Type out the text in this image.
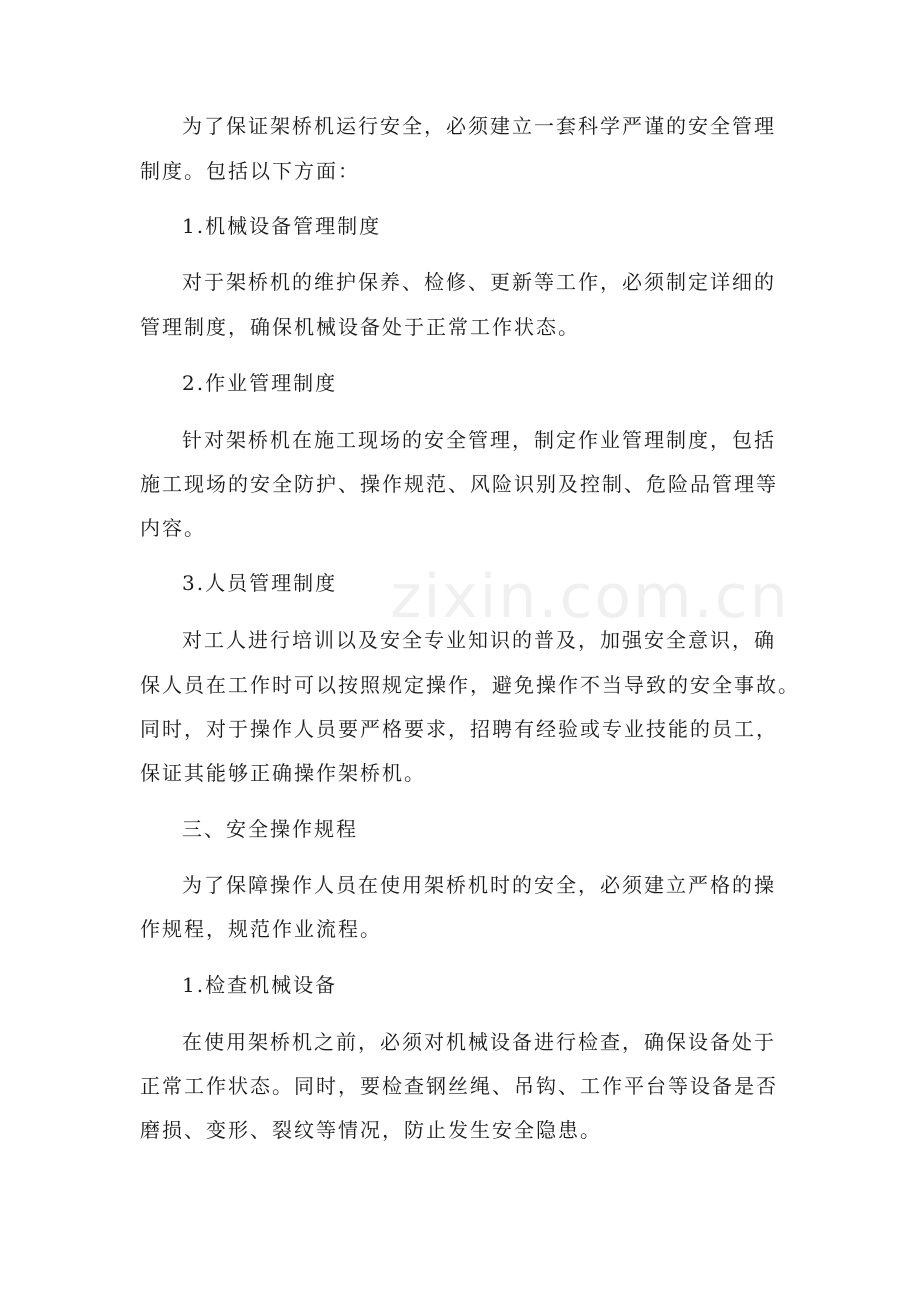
zixin.com.cn
为了保证架桥机运行安全，必须建立一套科学严谨的安全管理
制度。包括以下方面：
1.机械设备管理制度
对于架桥机的维护保养、检修、更新等工作，必须制定详细的
管理制度，确保机械设备处于正常工作状态。
2.作业管理制度
针对架桥机在施工现场的安全管理，制定作业管理制度，包括
施工现场的安全防护、操作规范、风险识别及控制、危险品管理等
内容。
3.人员管理制度
对工人进行培训以及安全专业知识的普及，加强安全意识，确
保人员在工作时可以按照规定操作，避免操作不当导致的安全事故。
同时，对于操作人员要严格要求，招聘有经验或专业技能的员工，
保证其能够正确操作架桥机。
三、安全操作规程
为了保障操作人员在使用架桥机时的安全，必须建立严格的操
作规程，规范作业流程。
1.检查机械设备
在使用架桥机之前，必须对机械设备进行检查，确保设备处于
正常工作状态。同时，要检查钢丝绳、吊钩、工作平台等设备是否
磨损、变形、裂纹等情况，防止发生安全隐患。
